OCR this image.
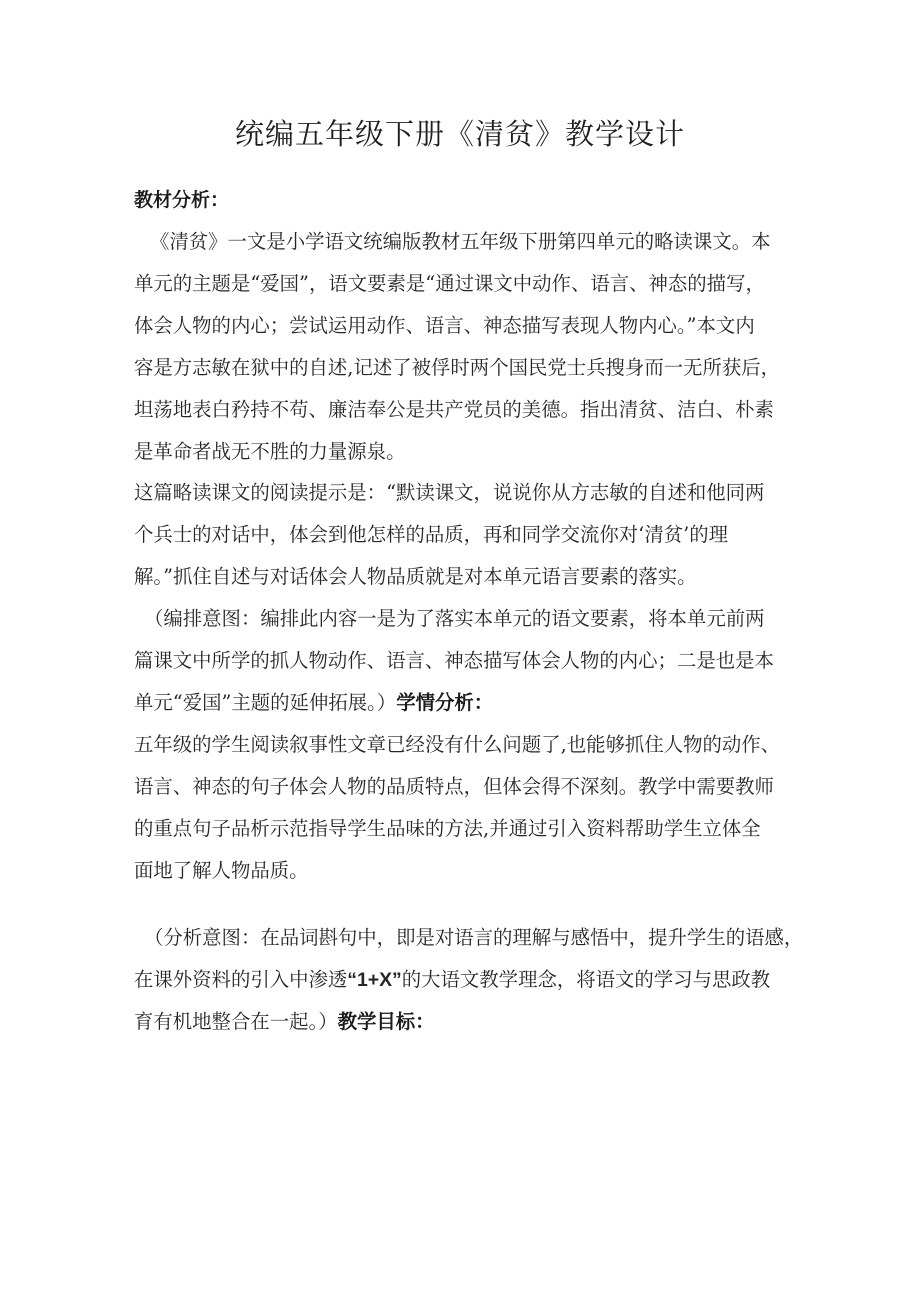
统编五年级下册《清贫》教学设计
教材分析：
《清贫》一文是小学语文统编版教材五年级下册第四单元的略读课文。本
单元的主题是“爱国”，语文要素是“通过课文中动作、语言、神态的描写，
体会人物的内心；尝试运用动作、语言、神态描写表现人物内心。”本文内
容是方志敏在狱中的自述,记述了被俘时两个国民党士兵搜身而一无所获后，
坦荡地表白矜持不苟、廉洁奉公是共产党员的美德。指出清贫、洁白、朴素
是革命者战无不胜的力量源泉。
这篇略读课文的阅读提示是：“默读课文，说说你从方志敏的自述和他同两
个兵士的对话中，体会到他怎样的品质，再和同学交流你对‘清贫’的理
解。”抓住自述与对话体会人物品质就是对本单元语言要素的落实。
（编排意图：编排此内容一是为了落实本单元的语文要素，将本单元前两
篇课文中所学的抓人物动作、语言、神态描写体会人物的内心；二是也是本
单元“爱国”主题的延伸拓展。）学情分析：
五年级的学生阅读叙事性文章已经没有什么问题了,也能够抓住人物的动作、
语言、神态的句子体会人物的品质特点，但体会得不深刻。教学中需要教师
的重点句子品析示范指导学生品味的方法,并通过引入资料帮助学生立体全
面地了解人物品质。
（分析意图：在品词斟句中，即是对语言的理解与感悟中，提升学生的语感，
在课外资料的引入中渗透“1+X”的大语文教学理念，将语文的学习与思政教
育有机地整合在一起。）教学目标：
